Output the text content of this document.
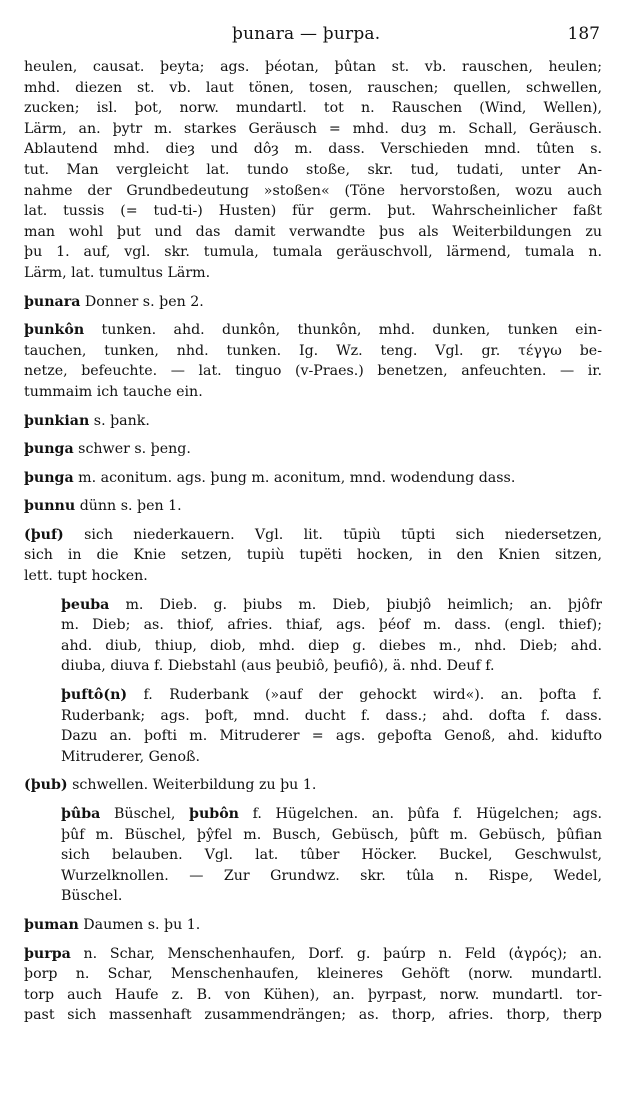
þunara — þurpa.	187
heulen, causat. þeyta; ags. þéotan, þûtan st. vb. rauschen, heulen;
mhd. diezen st. vb. laut tönen, tosen, rauschen; quellen, schwellen,
zucken; isl. þot, norw. mundartl. tot n. Rauschen (Wind, Wellen),
Lärm, an. þytr m. starkes Geräusch = mhd. duȝ m. Schall, Geräusch.
Ablautend mhd. dieȝ und dôȝ m. dass. Verschieden mnd. tûten s.
tut. Man vergleicht lat. tundo stoße, skr. tud, tudati, unter An-
nahme der Grundbedeutung »stoßen« (Töne hervorstoßen, wozu auch
lat. tussis (= tud-ti-) Husten) für germ. þut. Wahrscheinlicher faßt
man wohl þut und das damit verwandte þus als Weiterbildungen zu
þu 1. auf, vgl. skr. tumula, tumala geräuschvoll, lärmend, tumala n.
Lärm, lat. tumultus Lärm.
þunara Donner s. þen 2.
þunkôn tunken. ahd. dunkôn, thunkôn, mhd. dunken, tunken ein-
tauchen, tunken, nhd. tunken. Ig. Wz. teng. Vgl. gr. τέγγω be-
netze, befeuchte. — lat. tinguo (v-Praes.) benetzen, anfeuchten. — ir.
tummaim ich tauche ein.
þunkian s. þank.
þunga schwer s. þeng.
þunga m. aconitum. ags. þung m. aconitum, mnd. wodendung dass.
þunnu dünn s. þen 1.
(þuf) sich niederkauern. Vgl. lit. tūpiù tūpti sich niedersetzen,
sich in die Knie setzen, tupiù tupëti hocken, in den Knien sitzen,
lett. tupt hocken.
þeuba m. Dieb. g. þiubs m. Dieb, þiubjô heimlich; an. þjôfr
m. Dieb; as. thiof, afries. thiaf, ags. þéof m. dass. (engl. thief);
ahd. diub, thiup, diob, mhd. diep g. diebes m., nhd. Dieb; ahd.
diuba, diuva f. Diebstahl (aus þeubiô, þeufiô), ä. nhd. Deuf f.
þuftô(n) f. Ruderbank (»auf der gehockt wird«). an. þofta f.
Ruderbank; ags. þoft, mnd. ducht f. dass.; ahd. dofta f. dass.
Dazu an. þofti m. Mitruderer = ags. geþofta Genoß, ahd. kidufto
Mitruderer, Genoß.
(þub) schwellen. Weiterbildung zu þu 1.
þûba Büschel, þubôn f. Hügelchen. an. þûfa f. Hügelchen; ags.
þûf m. Büschel, þŷfel m. Busch, Gebüsch, þûft m. Gebüsch, þûfian
sich belauben. Vgl. lat. tûber Höcker. Buckel, Geschwulst,
Wurzelknollen. — Zur Grundwz. skr. tûla n. Rispe, Wedel,
Büschel.
þuman Daumen s. þu 1.
þurpa n. Schar, Menschenhaufen, Dorf. g. þaúrp n. Feld (ἀγρός); an.
þorp n. Schar, Menschenhaufen, kleineres Gehöft (norw. mundartl.
torp auch Haufe z. B. von Kühen), an. þyrpast, norw. mundartl. tor-
past sich massenhaft zusammendrängen; as. thorp, afries. thorp, therp
